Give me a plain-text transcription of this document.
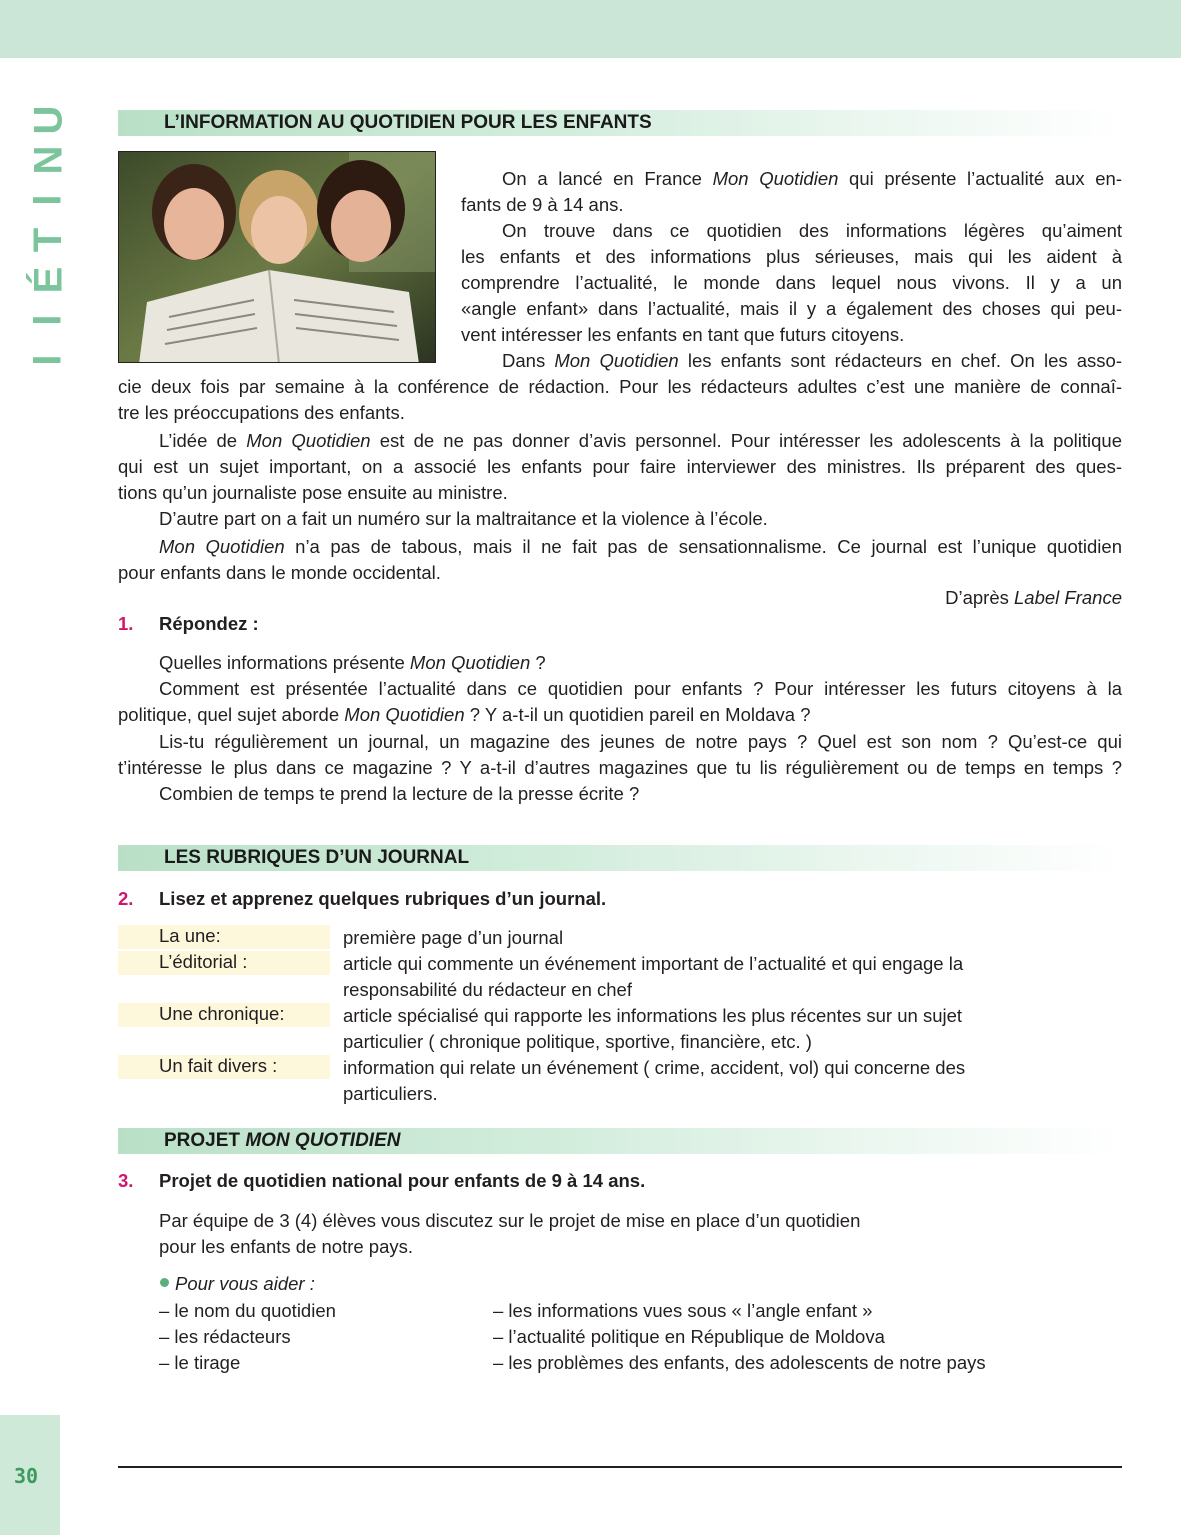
U
N
I
T
É
I
I
30
L’INFORMATION AU QUOTIDIEN POUR LES ENFANTS
On a lancé en France Mon Quotidien qui présente l’actualité aux en-
fants de 9 à 14 ans.
On trouve dans ce quotidien des informations légères qu’aiment
les enfants et des informations plus sérieuses, mais qui les aident à
comprendre l’actualité, le monde dans lequel nous vivons. Il y a un
«angle enfant» dans l’actualité, mais il y a également des choses qui peu-
vent intéresser les enfants en tant que futurs citoyens.
Dans Mon Quotidien les enfants sont rédacteurs en chef. On les asso-
cie deux fois par semaine à la conférence de rédaction. Pour les rédacteurs adultes c’est une manière de connaî-
tre les préoccupations des enfants.
L’idée de Mon Quotidien est de ne pas donner d’avis personnel. Pour intéresser les adolescents à la politique
qui est un sujet important, on a associé les enfants pour faire interviewer des ministres. Ils préparent des ques-
tions qu’un journaliste pose ensuite au ministre.
D’autre part on a fait un numéro sur la maltraitance et la violence à l’école.
Mon Quotidien n’a pas de tabous, mais il ne fait pas de sensationnalisme. Ce journal est l’unique quotidien
pour enfants dans le monde occidental.
D’après Label France
1. Répondez :
Quelles informations présente Mon Quotidien ?
Comment est présentée l’actualité dans ce quotidien pour enfants ? Pour intéresser les futurs citoyens à la
politique, quel sujet aborde Mon Quotidien ? Y a-t-il un quotidien pareil en Moldava ?
Lis-tu régulièrement un journal, un magazine des jeunes de notre pays ? Quel est son nom ? Qu’est-ce qui
t’intéresse le plus dans ce magazine ? Y a-t-il d’autres magazines que tu lis régulièrement ou de temps en temps ?
Combien de temps te prend la lecture de la presse écrite ?
LES RUBRIQUES D’UN JOURNAL
2. Lisez et apprenez quelques rubriques d’un journal.
La une:	première page d’un journal
L’éditorial :	article qui commente un événement important de l’actualité et qui engage la responsabilité du rédacteur en chef
Une chronique:	article spécialisé qui rapporte les informations les plus récentes sur un sujet particulier ( chronique politique, sportive, financière, etc. )
Un fait divers :	information qui relate un événement ( crime, accident, vol) qui concerne des particuliers.
PROJET MON QUOTIDIEN
3. Projet de quotidien national pour enfants de 9 à 14 ans.
Par équipe de 3 (4) élèves vous discutez sur le projet de mise en place d’un quotidien
pour les enfants de notre pays.
Pour vous aider :
– le nom du quotidien
– les rédacteurs
– le tirage
– les informations vues sous « l’angle enfant »
– l’actualité politique en République de Moldova
– les problèmes des enfants, des adolescents de notre pays
